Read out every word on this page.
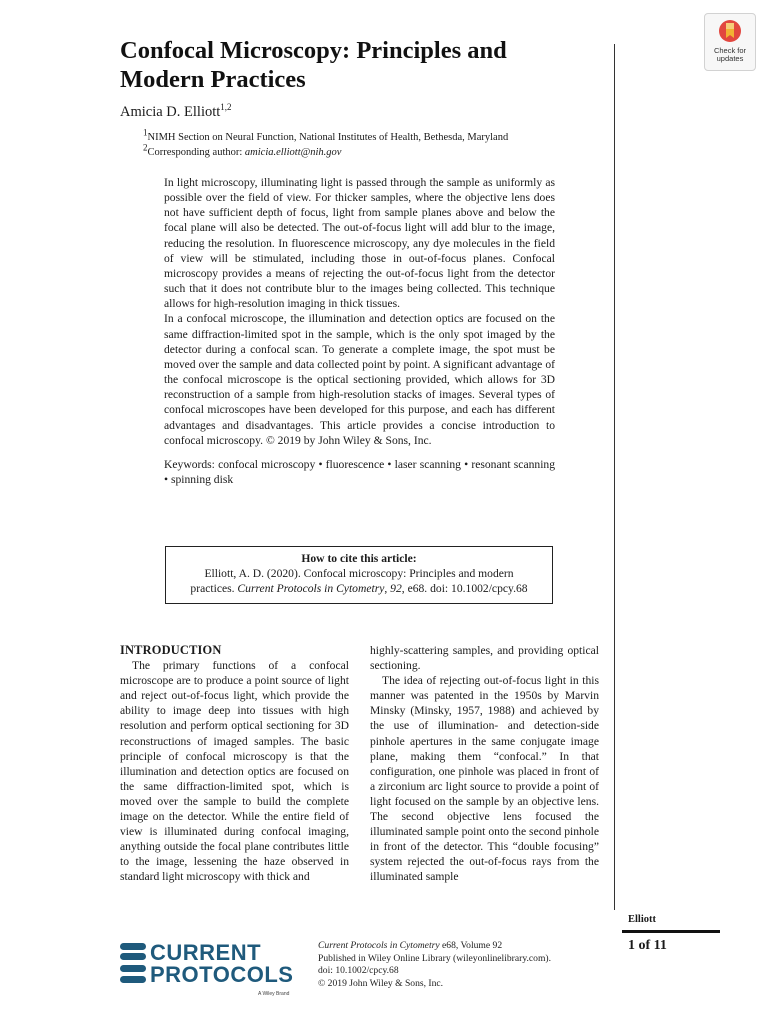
Check for
updates
Confocal Microscopy: Principles and Modern Practices
Amicia D. Elliott$^{1,2}$
$^1$NIMH Section on Neural Function, National Institutes of Health, Bethesda, Maryland
$^2$Corresponding author: amicia.elliott@nih.gov

In light microscopy, illuminating light is passed through the sample as uniformly as possible over the field of view. For thicker samples, where the objective lens does not have sufficient depth of focus, light from sample planes above and below the focal plane will also be detected. The out-of-focus light will add blur to the image, reducing the resolution. In fluorescence microscopy, any dye molecules in the field of view will be stimulated, including those in out-of-focus planes. Confocal microscopy provides a means of rejecting the out-of-focus light from the detector such that it does not contribute blur to the images being collected. This technique allows for high-resolution imaging in thick tissues.

In a confocal microscope, the illumination and detection optics are focused on the same diffraction-limited spot in the sample, which is the only spot imaged by the detector during a confocal scan. To generate a complete image, the spot must be moved over the sample and data collected point by point. A significant advantage of the confocal microscope is the optical sectioning provided, which allows for 3D reconstruction of a sample from high-resolution stacks of images. Several types of confocal microscopes have been developed for this purpose, and each has different advantages and disadvantages. This article provides a concise introduction to confocal microscopy. © 2019 by John Wiley & Sons, Inc.

Keywords: confocal microscopy • fluorescence • laser scanning • resonant scanning • spinning disk

How to cite this article:
Elliott, A. D. (2020). Confocal microscopy: Principles and modern
practices. Current Protocols in Cytometry, 92, e68. doi: 10.1002/cpcy.68

INTRODUCTION

The primary functions of a confocal microscope are to produce a point source of light and reject out-of-focus light, which provide the ability to image deep into tissues with high resolution and perform optical sectioning for 3D reconstructions of imaged samples. The basic principle of confocal microscopy is that the illumination and detection optics are focused on the same diffraction-limited spot, which is moved over the sample to build the complete image on the detector. While the entire field of view is illuminated during confocal imaging, anything outside the focal plane contributes little to the image, lessening the haze observed in standard light microscopy with thick and

highly-scattering samples, and providing optical sectioning.

The idea of rejecting out-of-focus light in this manner was patented in the 1950s by Marvin Minsky (Minsky, 1957, 1988) and achieved by the use of illumination- and detection-side pinhole apertures in the same conjugate image plane, making them “confocal.” In that configuration, one pinhole was placed in front of a zirconium arc light source to provide a point of light focused on the sample by an objective lens. The second objective lens focused the illuminated sample point onto the second pinhole in front of the detector. This “double focusing” system rejected the out-of-focus rays from the illuminated sample

CURRENT
PROTOCOLS
A Wiley Brand
Current Protocols in Cytometry e68, Volume 92
Published in Wiley Online Library (wileyonlinelibrary.com).
doi: 10.1002/cpcy.68
© 2019 John Wiley & Sons, Inc.
Elliott
1 of 11
